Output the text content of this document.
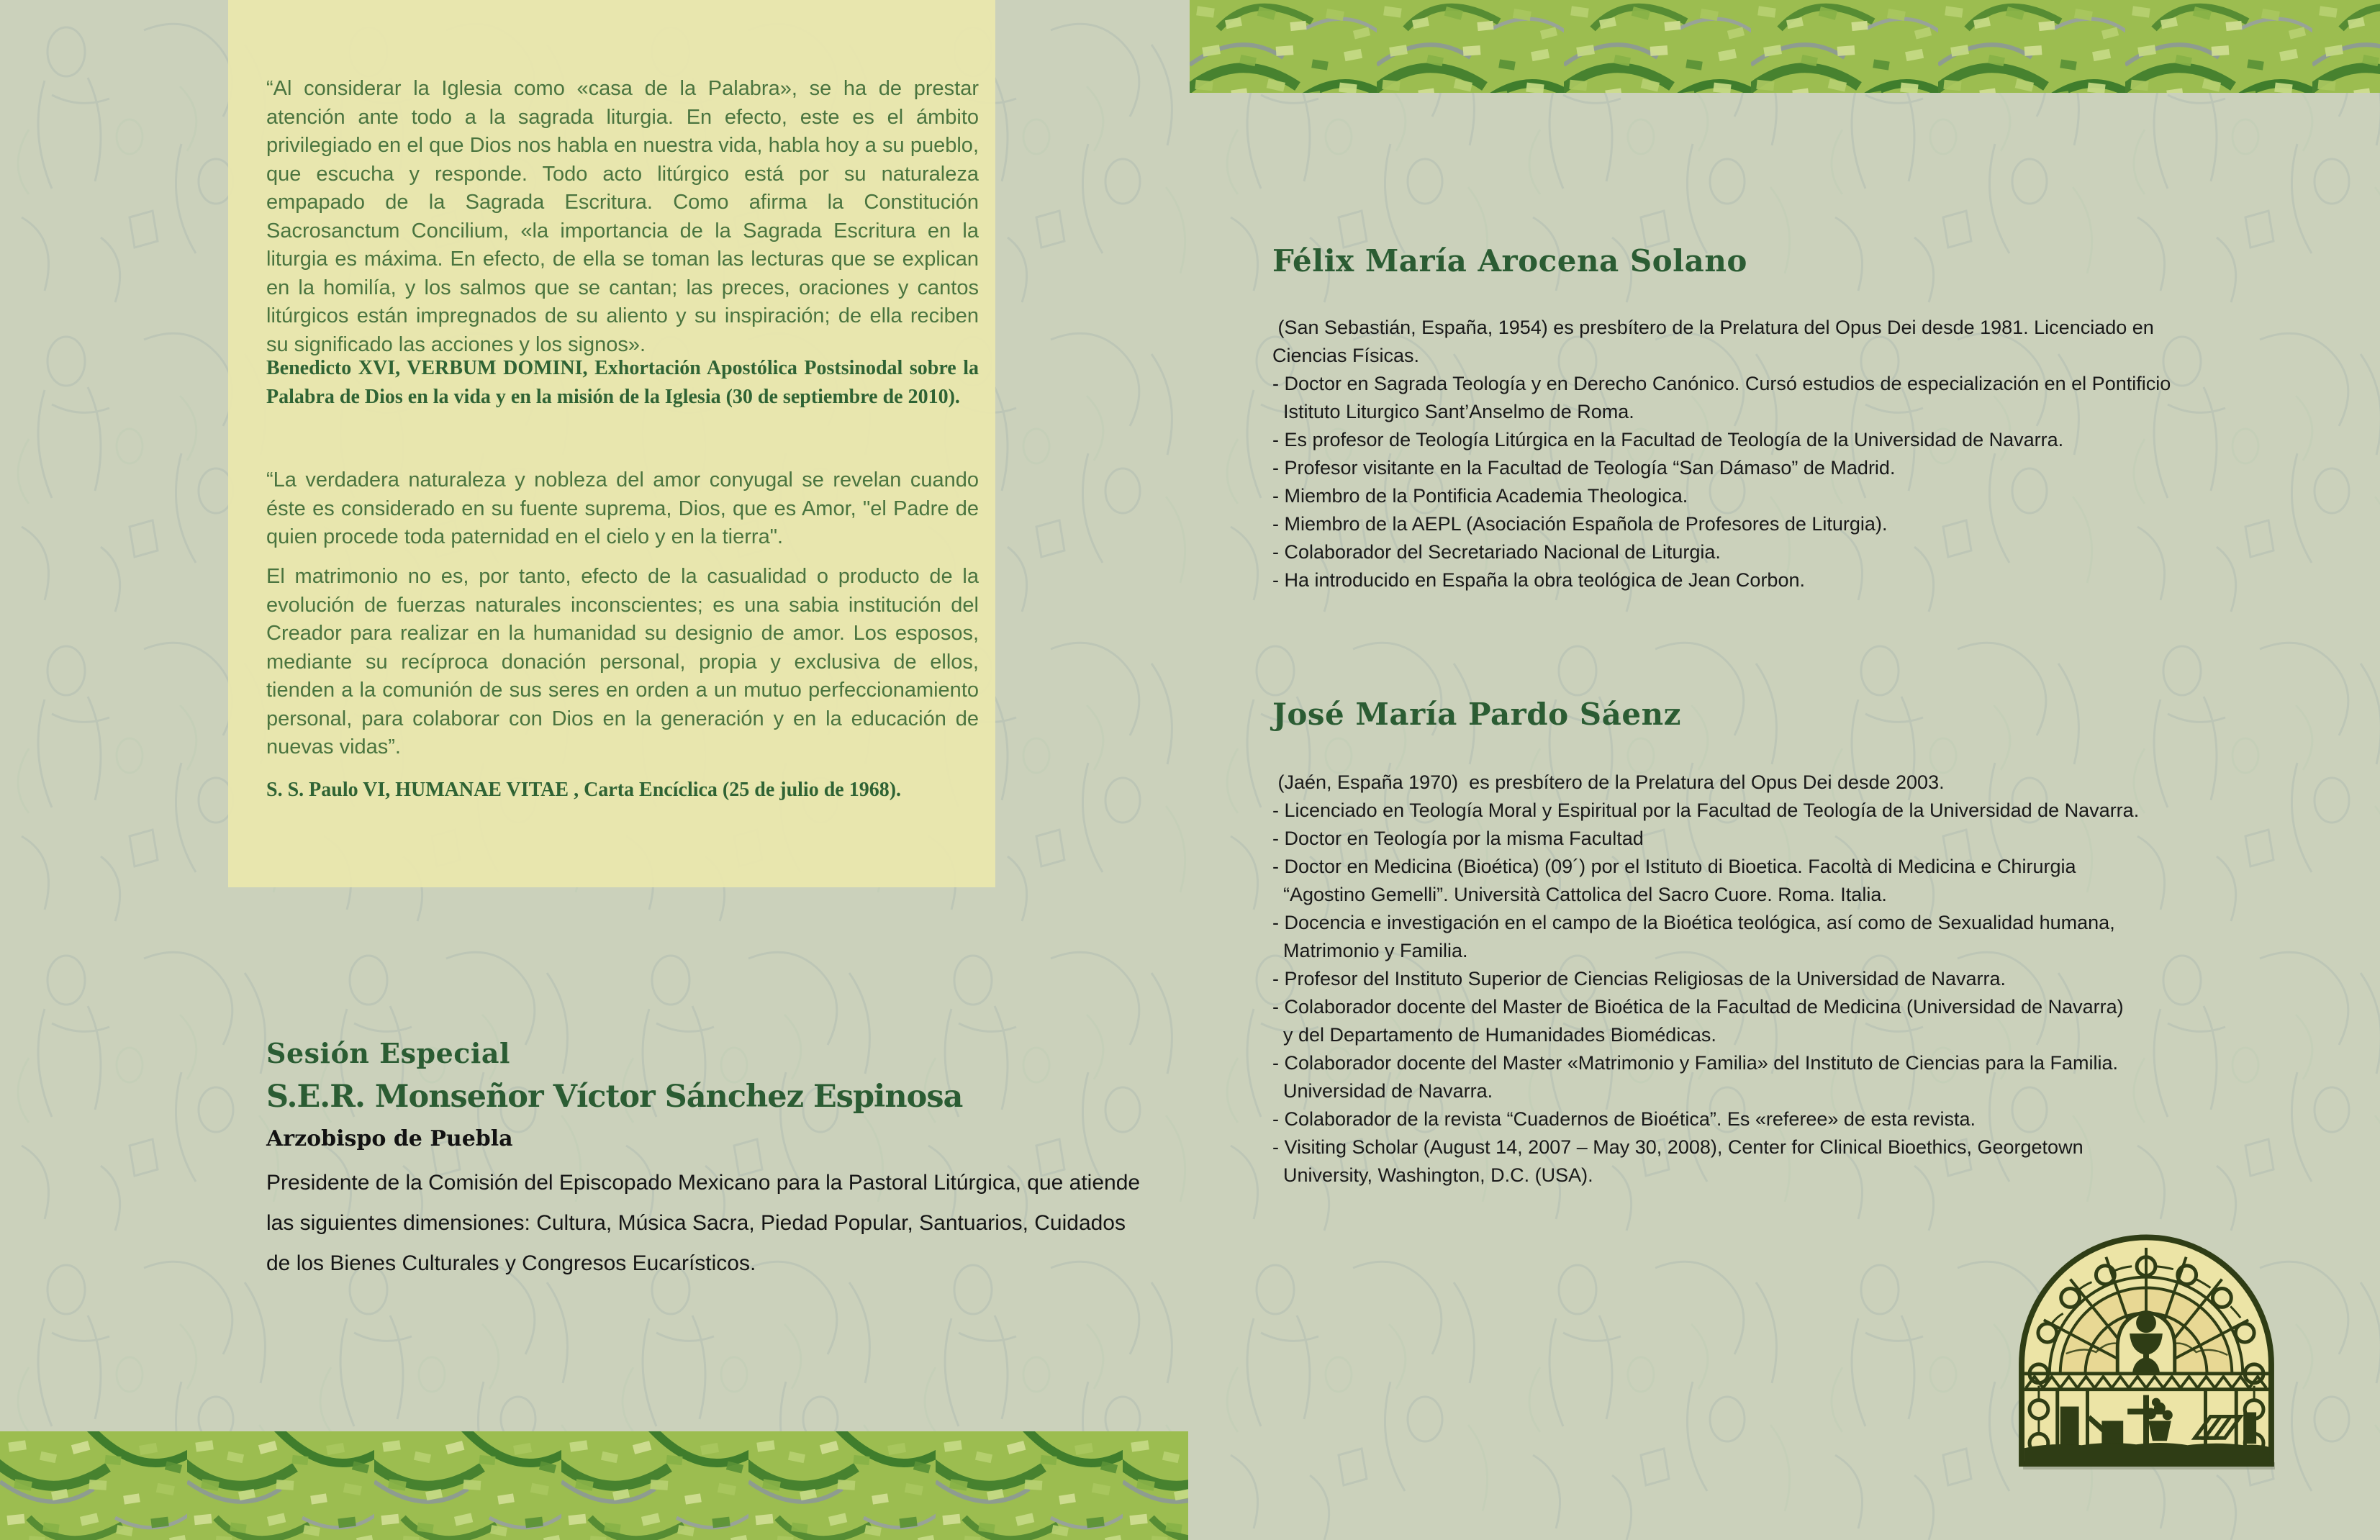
“Al considerar la Iglesia como «casa de la Palabra», se ha de prestar atención ante todo a la sagrada liturgia. En efecto, este es el ámbito privilegiado en el que Dios nos habla en nuestra vida, habla hoy a su pueblo, que escucha y responde. Todo acto litúrgico está por su naturaleza empapado de la Sagrada Escritura. Como afirma la Constitución Sacrosanctum Concilium, «la importancia de la Sagrada Escritura en la liturgia es máxima. En efecto, de ella se toman las lecturas que se explican en la homilía, y los salmos que se cantan; las preces, oraciones y cantos litúrgicos están impregnados de su aliento y su inspiración; de ella reciben su significado las acciones y los signos».
Benedicto XVI, VERBUM DOMINI, Exhortación Apostólica Postsinodal sobre la Palabra de Dios en la vida y en la misión de la Iglesia (30 de septiembre de 2010).
“La verdadera naturaleza y nobleza del amor conyugal se revelan cuando éste es considerado en su fuente suprema, Dios, que es Amor, "el Padre de quien procede toda paternidad en el cielo y en la tierra".
El matrimonio no es, por tanto, efecto de la casualidad o producto de la evolución de fuerzas naturales inconscientes; es una sabia institución del Creador para realizar en la humanidad su designio de amor. Los esposos, mediante su recíproca donación personal, propia y exclusiva de ellos, tienden a la comunión de sus seres en orden a un mutuo perfeccionamiento personal, para colaborar con Dios en la generación y en la educación de nuevas vidas”.
S. S. Paulo VI, HUMANAE VITAE , Carta Encíclica (25 de julio de 1968).
Sesión Especial
S.E.R. Monseñor Víctor Sánchez Espinosa
Arzobispo de Puebla
Presidente de la Comisión del Episcopado Mexicano para la Pastoral Litúrgica, que atiende las siguientes dimensiones: Cultura, Música Sacra, Piedad Popular, Santuarios, Cuidados de los Bienes Culturales y Congresos Eucarísticos.
Félix María Arocena Solano
(San Sebastián, España, 1954) es presbítero de la Prelatura del Opus Dei desde 1981. Licenciado en
Ciencias Físicas.
- Doctor en Sagrada Teología y en Derecho Canónico. Cursó estudios de especialización en el Pontificio
Istituto Liturgico Sant’Anselmo de Roma.
- Es profesor de Teología Litúrgica en la Facultad de Teología de la Universidad de Navarra.
- Profesor visitante en la Facultad de Teología “San Dámaso” de Madrid.
- Miembro de la Pontificia Academia Theologica.
- Miembro de la AEPL (Asociación Española de Profesores de Liturgia).
- Colaborador del Secretariado Nacional de Liturgia.
- Ha introducido en España la obra teológica de Jean Corbon.
José María Pardo Sáenz
(Jaén, España 1970)  es presbítero de la Prelatura del Opus Dei desde 2003.
- Licenciado en Teología Moral y Espiritual por la Facultad de Teología de la Universidad de Navarra.
- Doctor en Teología por la misma Facultad
- Doctor en Medicina (Bioética) (09´) por el Istituto di Bioetica. Facoltà di Medicina e Chirurgia
“Agostino Gemelli”. Università Cattolica del Sacro Cuore. Roma. Italia.
- Docencia e investigación en el campo de la Bioética teológica, así como de Sexualidad humana,
Matrimonio y Familia.
- Profesor del Instituto Superior de Ciencias Religiosas de la Universidad de Navarra.
- Colaborador docente del Master de Bioética de la Facultad de Medicina (Universidad de Navarra)
y del Departamento de Humanidades Biomédicas.
- Colaborador docente del Master «Matrimonio y Familia» del Instituto de Ciencias para la Familia.
Universidad de Navarra.
- Colaborador de la revista “Cuadernos de Bioética”. Es «referee» de esta revista.
- Visiting Scholar (August 14, 2007 – May 30, 2008), Center for Clinical Bioethics, Georgetown
University, Washington, D.C. (USA).
